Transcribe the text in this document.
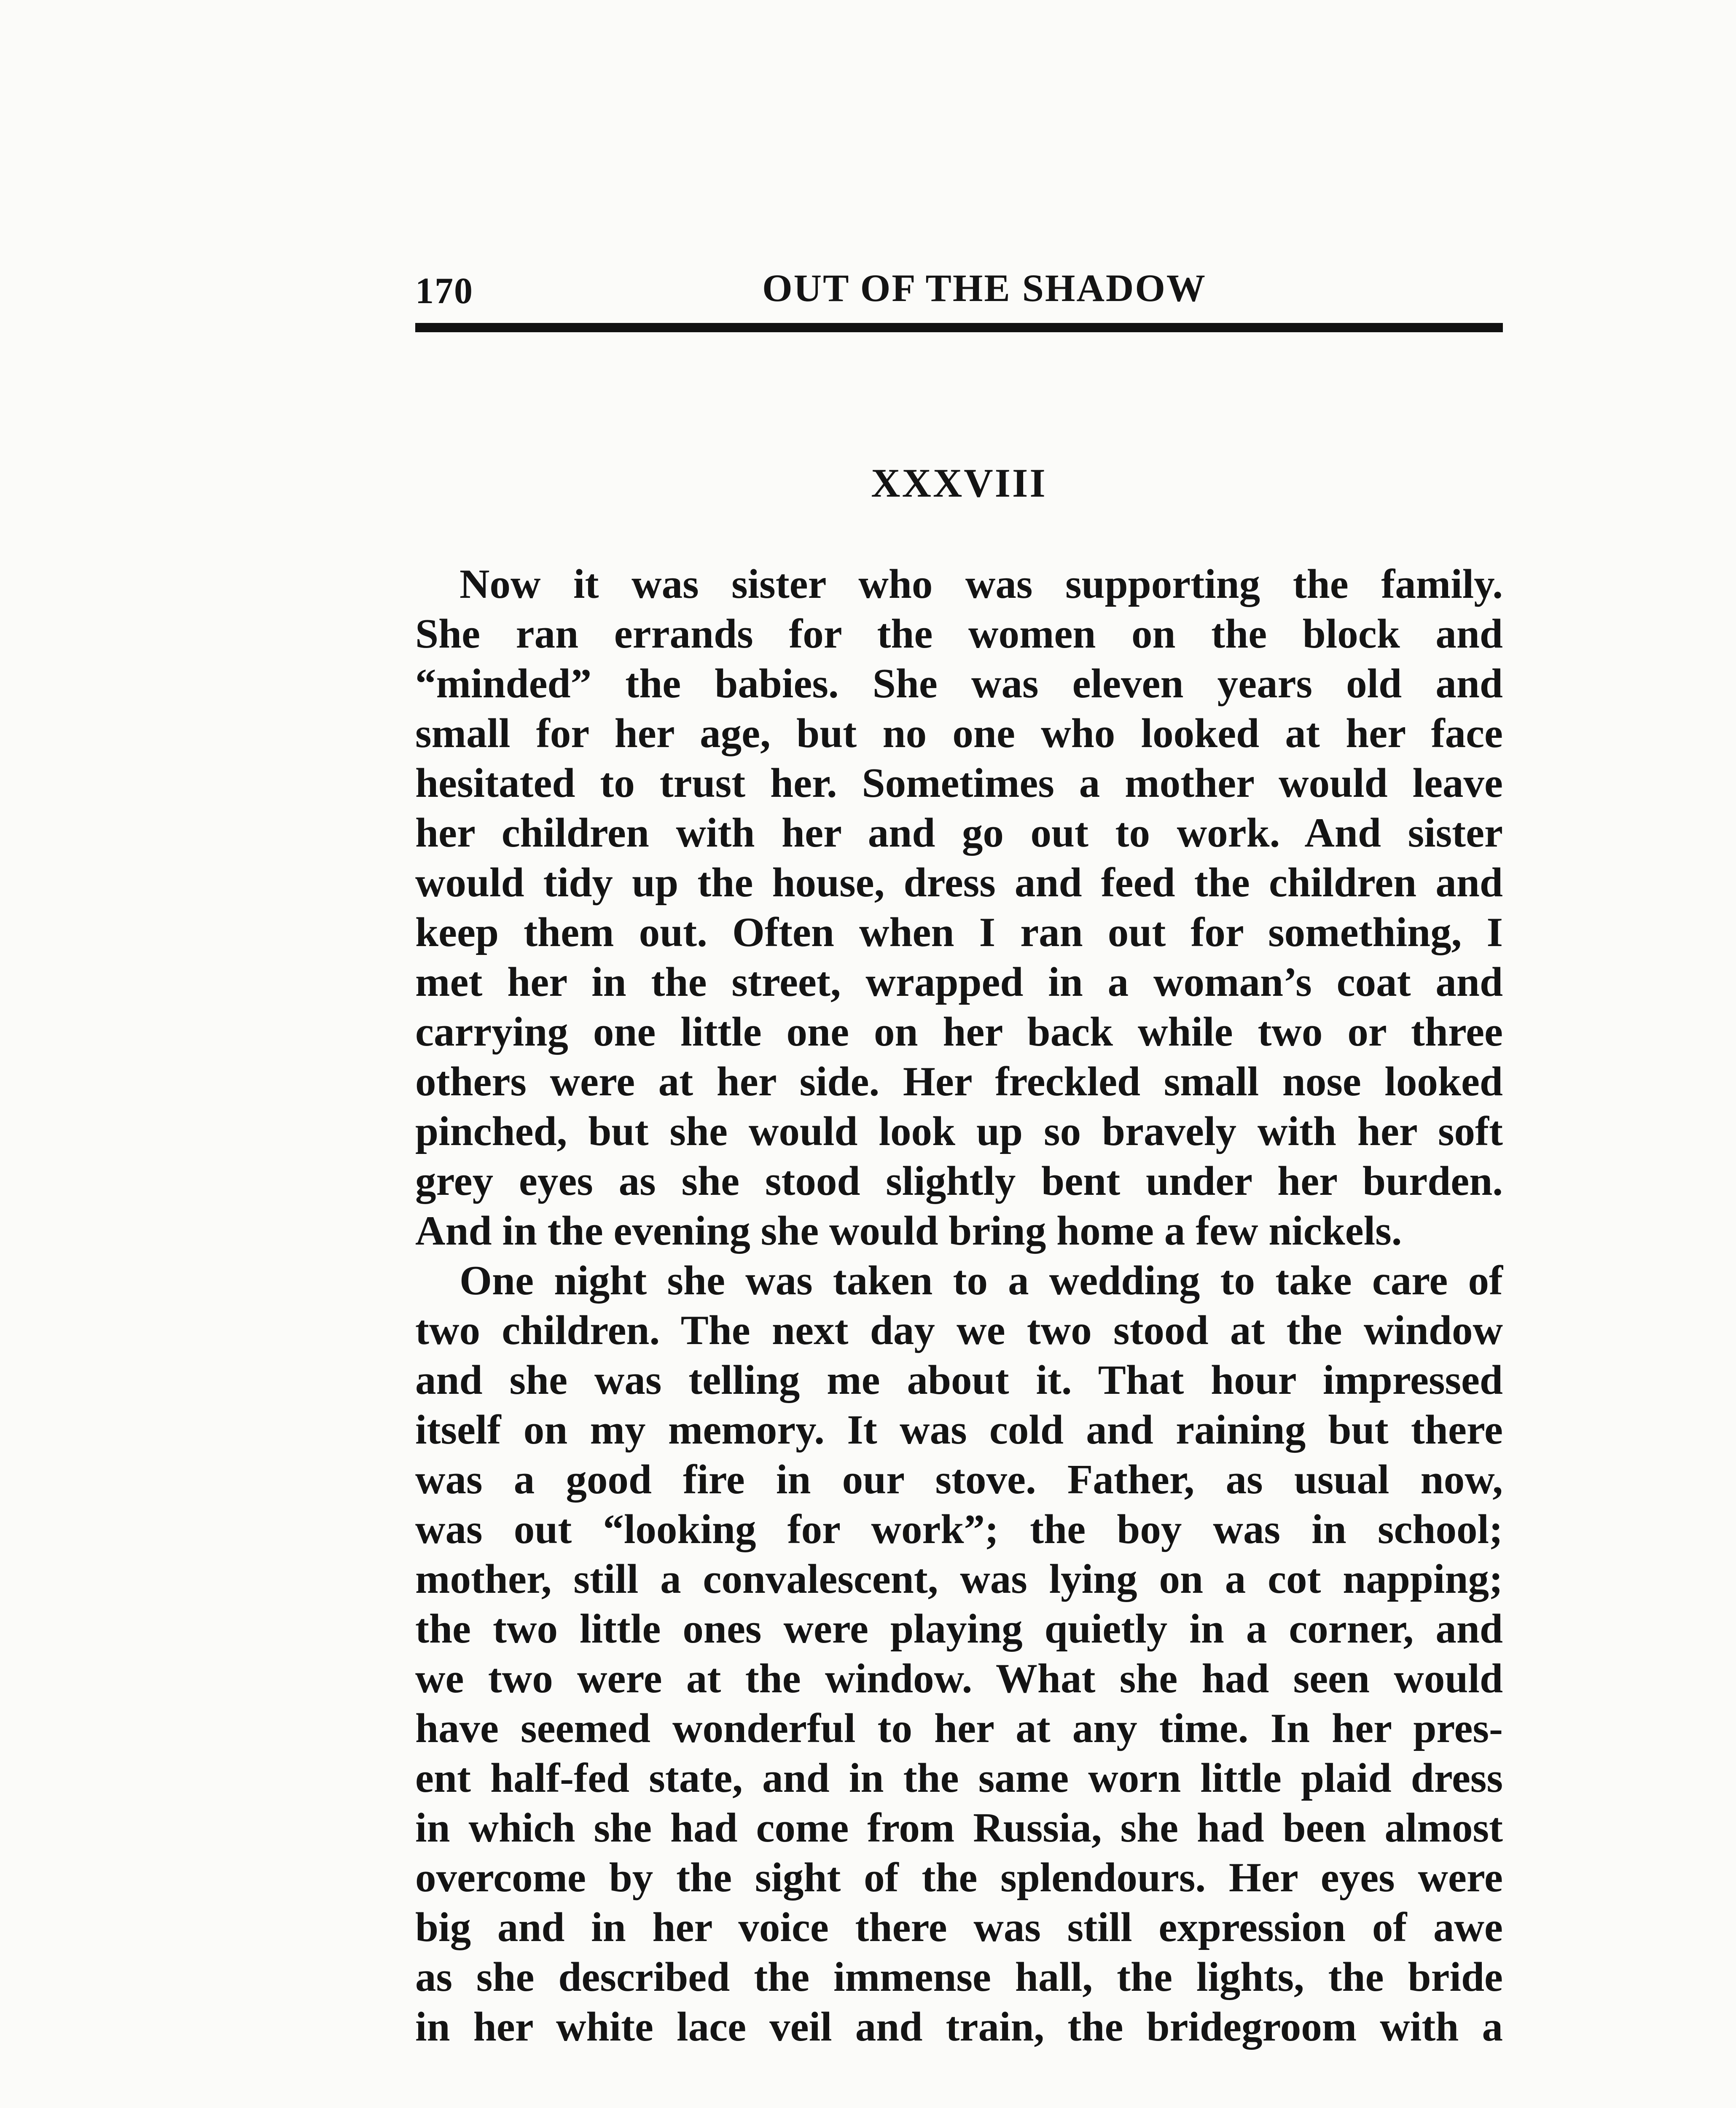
170	OUT OF THE SHADOW
XXXVIII
Now it was sister who was supporting the family.
She ran errands for the women on the block and
“minded” the babies. She was eleven years old and
small for her age, but no one who looked at her face
hesitated to trust her. Sometimes a mother would leave
her children with her and go out to work. And sister
would tidy up the house, dress and feed the children and
keep them out. Often when I ran out for something, I
met her in the street, wrapped in a woman’s coat and
carrying one little one on her back while two or three
others were at her side. Her freckled small nose looked
pinched, but she would look up so bravely with her soft
grey eyes as she stood slightly bent under her burden.
And in the evening she would bring home a few nickels.
One night she was taken to a wedding to take care of
two children. The next day we two stood at the window
and she was telling me about it. That hour impressed
itself on my memory. It was cold and raining but there
was a good fire in our stove. Father, as usual now,
was out “looking for work”; the boy was in school;
mother, still a convalescent, was lying on a cot napping;
the two little ones were playing quietly in a corner, and
we two were at the window. What she had seen would
have seemed wonderful to her at any time. In her pres-
ent half-fed state, and in the same worn little plaid dress
in which she had come from Russia, she had been almost
overcome by the sight of the splendours. Her eyes were
big and in her voice there was still expression of awe
as she described the immense hall, the lights, the bride
in her white lace veil and train, the bridegroom with a
